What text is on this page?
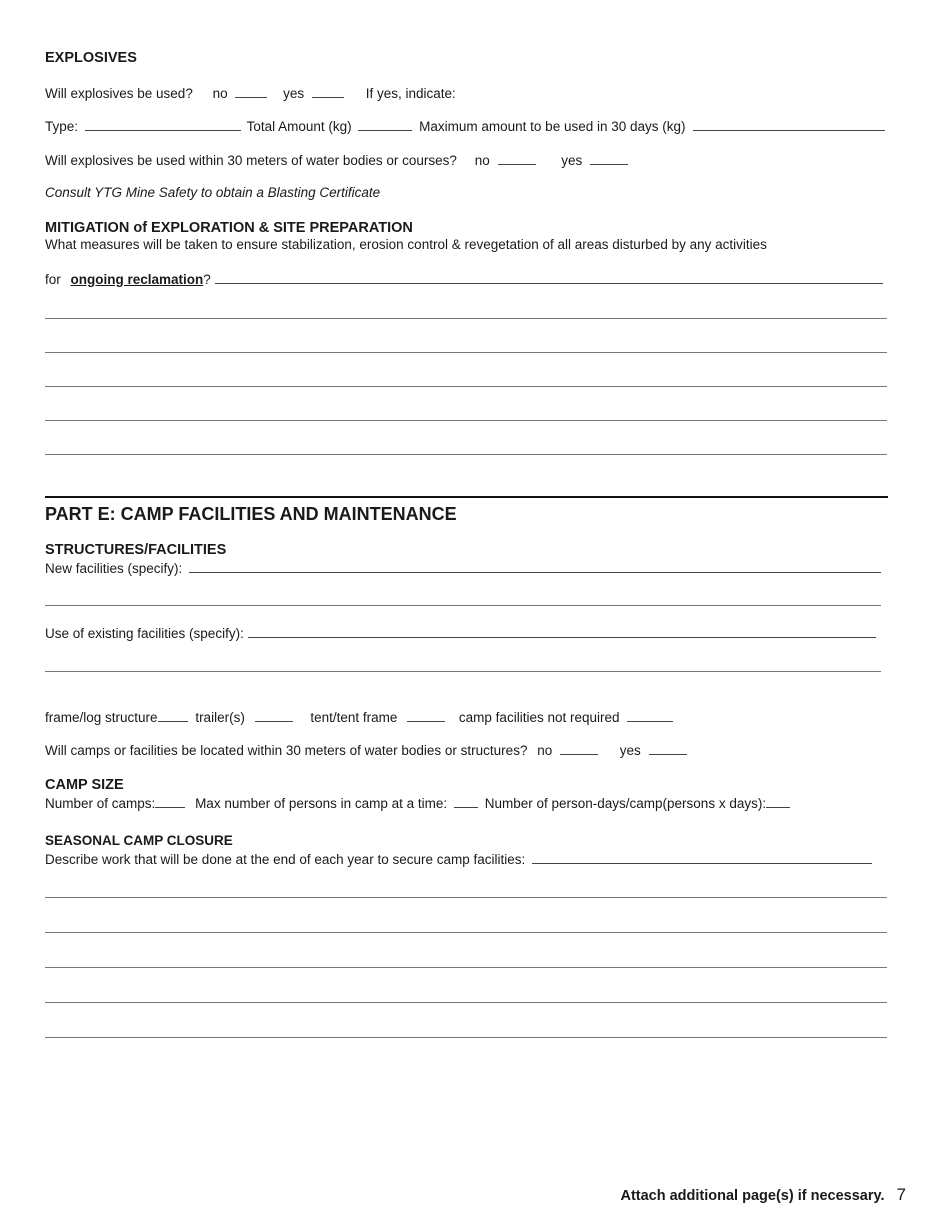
EXPLOSIVES
Will explosives be used? no	yes	If yes, indicate:
Type:	Total Amount (kg)	Maximum amount to be used in 30 days (kg)
Will explosives be used within 30 meters of water bodies or courses? no	yes
Consult YTG Mine Safety to obtain a Blasting Certificate
MITIGATION of EXPLORATION & SITE PREPARATION
What measures will be taken to ensure stabilization, erosion control & revegetation of all areas disturbed by any activities
for ongoing reclamation?
PART E: CAMP FACILITIES AND MAINTENANCE
STRUCTURES/FACILITIES
New facilities (specify):
Use of existing facilities (specify):
frame/log structure	trailer(s)	tent/tent frame	camp facilities not required
Will camps or facilities be located within 30 meters of water bodies or structures? no	yes
CAMP SIZE
Number of camps:	Max number of persons in camp at a time:	Number of person-days/camp(persons x days):
SEASONAL CAMP CLOSURE
Describe work that will be done at the end of each year to secure camp facilities:
Attach additional page(s) if necessary. 7
